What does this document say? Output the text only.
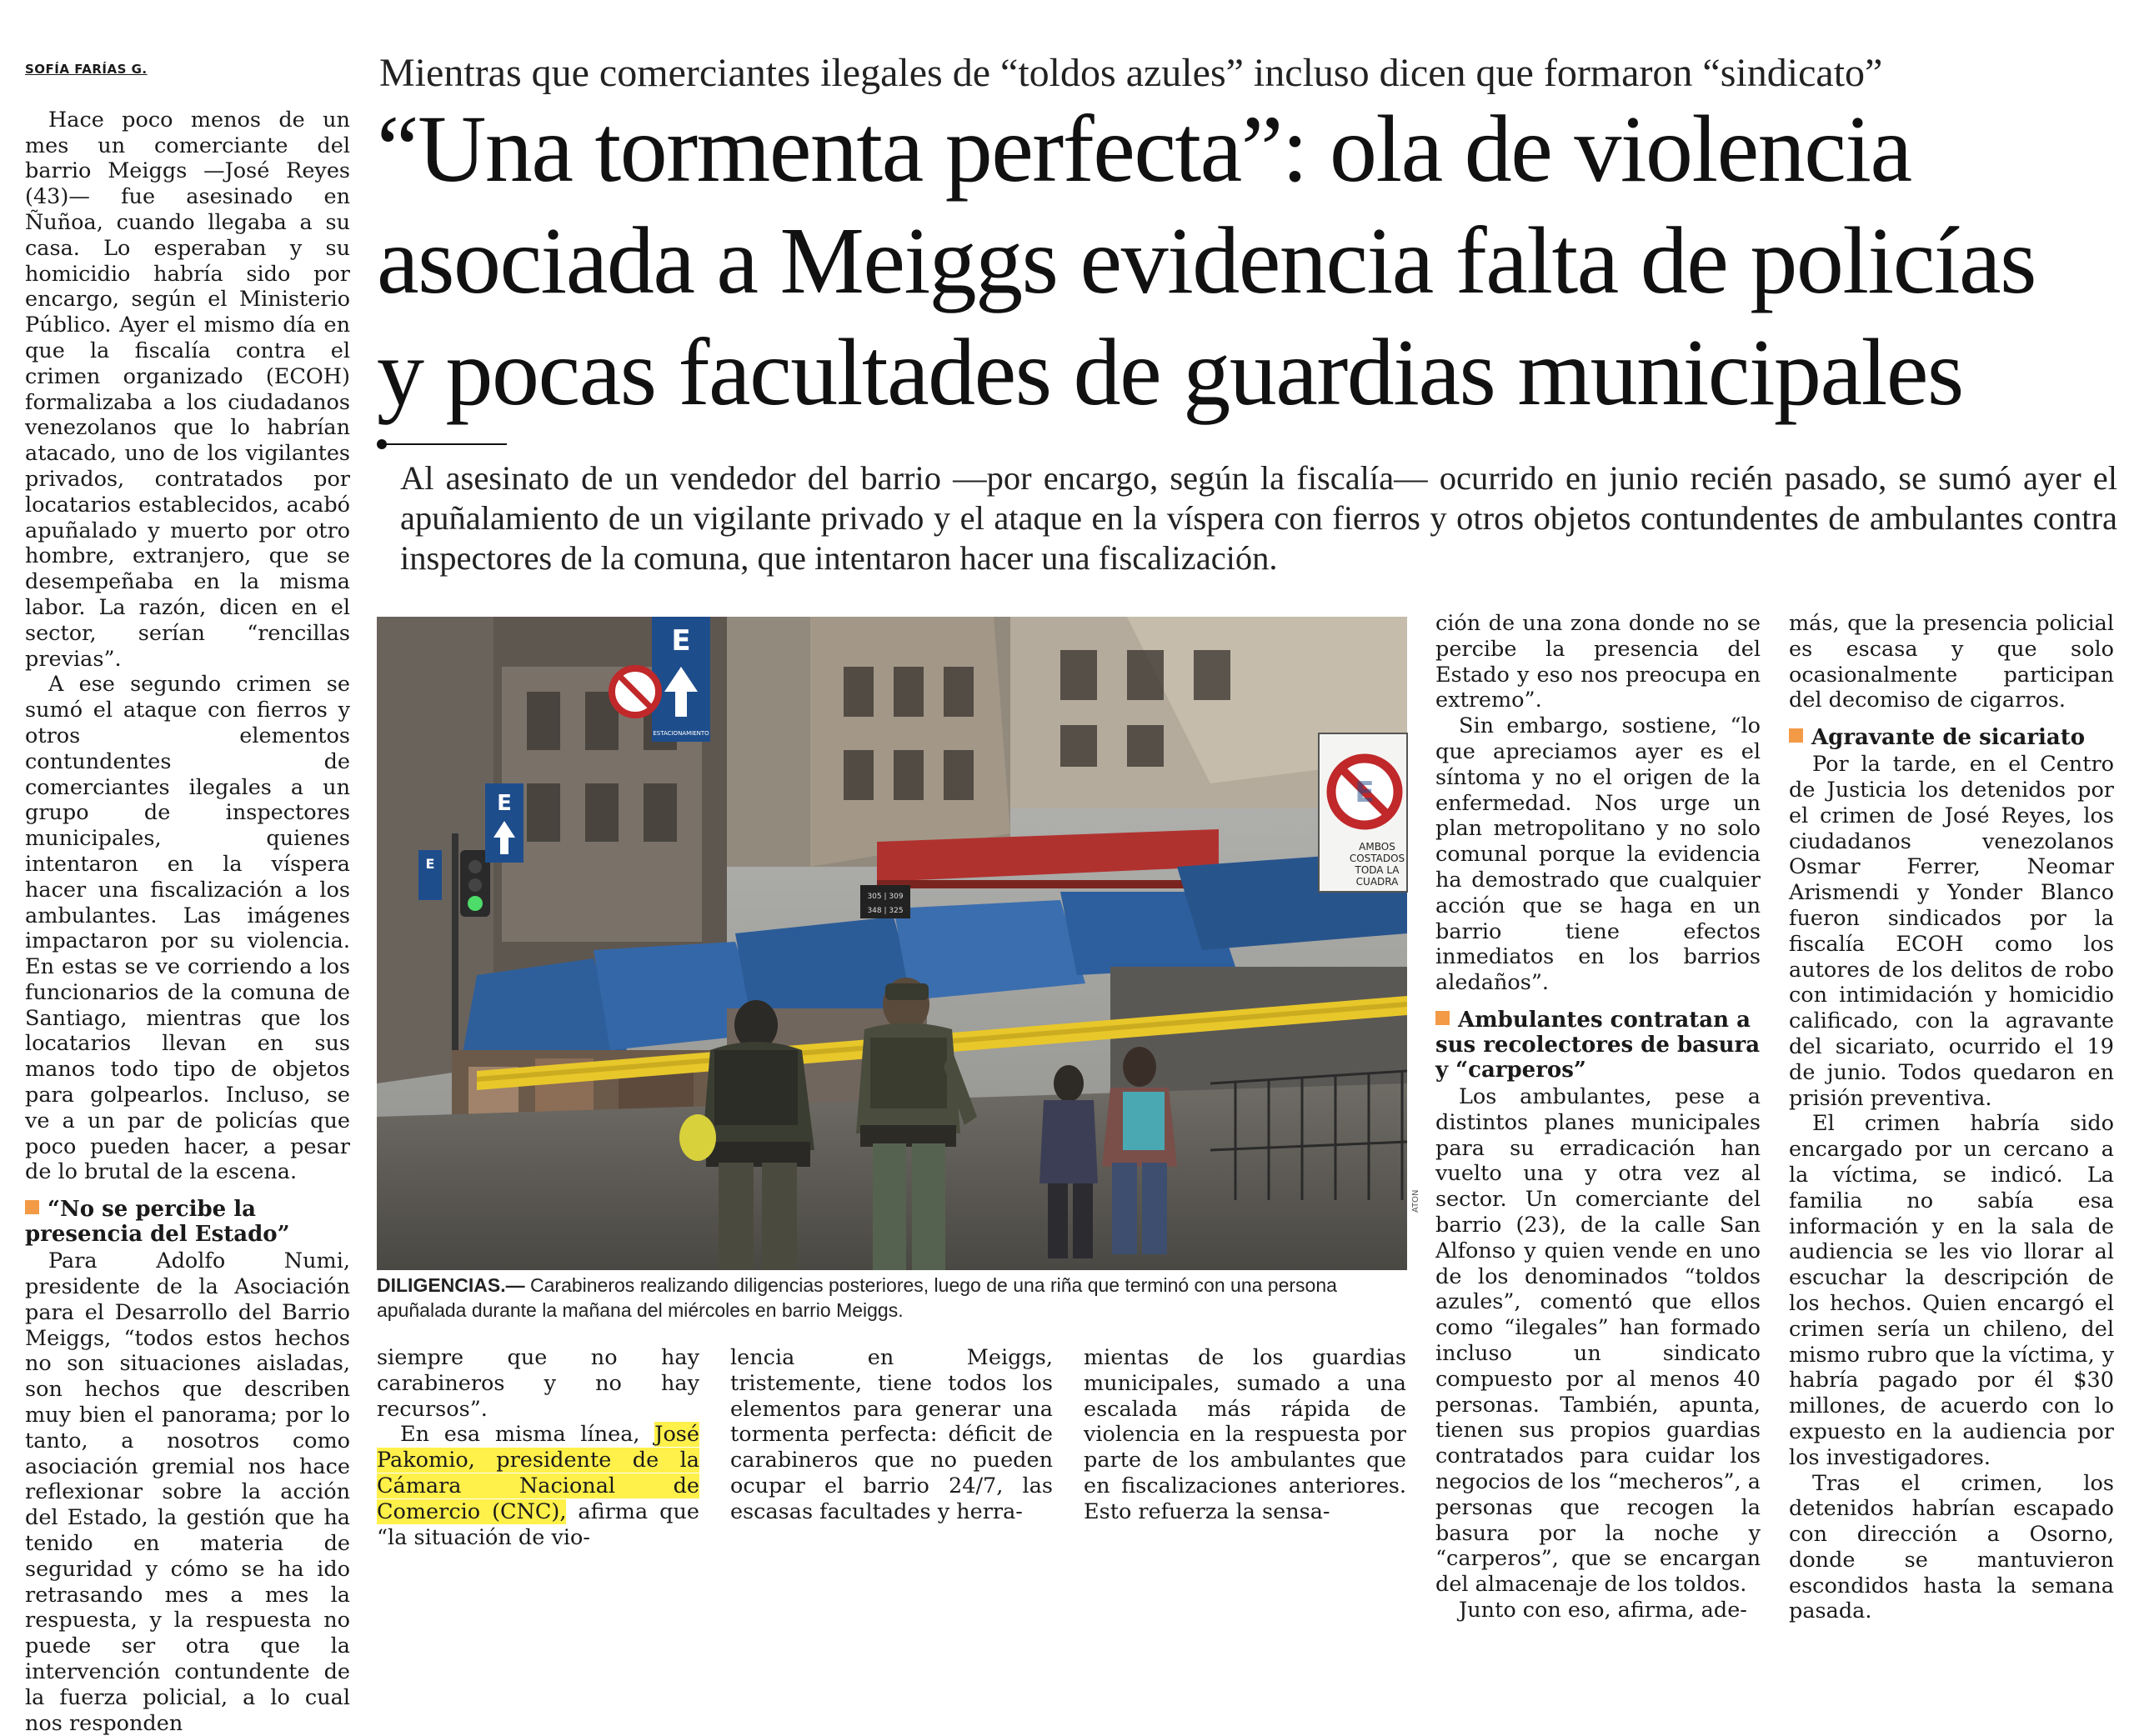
SOFÍA FARÍAS G.

Hace poco menos de un mes un comerciante del barrio Meiggs —José Reyes (43)— fue asesinado en Ñuñoa, cuando llegaba a su casa. Lo esperaban y su homicidio habría sido por encargo, según el Ministerio Público. Ayer el mismo día en que la fiscalía contra el crimen organizado (ECOH) formalizaba a los ciudadanos venezolanos que lo habrían atacado, uno de los vigilantes privados, contratados por locatarios establecidos, acabó apuñalado y muerto por otro hombre, extranjero, que se desempeñaba en la misma labor. La razón, dicen en el sector, serían “rencillas previas”.

A ese segundo crimen se sumó el ataque con fierros y otros elementos contundentes de comerciantes ilegales a un grupo de inspectores municipales, quienes intentaron en la víspera hacer una fiscalización a los ambulantes. Las imágenes impactaron por su violencia. En estas se ve corriendo a los funcionarios de la comuna de Santiago, mientras que los locatarios llevan en sus manos todo tipo de objetos para golpearlos. Incluso, se ve a un par de policías que poco pueden hacer, a pesar de lo brutal de la escena.

“No se percibe la presencia del Estado”

Para Adolfo Numi, presidente de la Asociación para el Desarrollo del Barrio Meiggs, “todos estos hechos no son situaciones aisladas, son hechos que describen muy bien el panorama; por lo tanto, a nosotros como asociación gremial nos hace reflexionar sobre la acción del Estado, la gestión que ha tenido en materia de seguridad y cómo se ha ido retrasando mes a mes la respuesta, y la respuesta no puede ser otra que la intervención contundente de la fuerza policial, a lo cual nos responden

Mientras que comerciantes ilegales de “toldos azules” incluso dicen que formaron “sindicato”
“Una tormenta perfecta”: ola de violencia
asociada a Meiggs evidencia falta de policías
y pocas facultades de guardias municipales
Al asesinato de un vendedor del barrio —por encargo, según la fiscalía— ocurrido en junio recién pasado, se sumó ayer el apuñalamiento de un vigilante privado y el ataque en la víspera con fierros y otros objetos contundentes de ambulantes contra inspectores de la comuna, que intentaron hacer una fiscalización.
E
ESTACIONAMIENTO
E
E
E
AMBOS
COSTADOS
TODA LA
CUADRA
305 | 309
348 | 325
ATON
DILIGENCIAS.— Carabineros realizando diligencias posteriores, luego de una riña que terminó con una persona apuñalada durante la mañana del miércoles en barrio Meiggs.

siempre que no hay carabineros y no hay recursos”.

En esa misma línea, José Pakomio, presidente de la Cámara Nacional de Comercio (CNC), afirma que “la situación de vio-

lencia en Meiggs, tristemente, tiene todos los elementos para generar una tormenta perfecta: déficit de carabineros que no pueden ocupar el barrio 24/7, las escasas facultades y herra-

mientas de los guardias municipales, sumado a una escalada más rápida de violencia en la respuesta por parte de los ambulantes que en fiscalizaciones anteriores. Esto refuerza la sensa-

ción de una zona donde no se percibe la presencia del Estado y eso nos preocupa en extremo”.

Sin embargo, sostiene, “lo que apreciamos ayer es el síntoma y no el origen de la enfermedad. Nos urge un plan metropolitano y no solo comunal porque la evidencia ha demostrado que cualquier acción que se haga en un barrio tiene efectos inmediatos en los barrios aledaños”.

Ambulantes contratan a sus recolectores de basura y “carperos”

Los ambulantes, pese a distintos planes municipales para su erradicación han vuelto una y otra vez al sector. Un comerciante del barrio (23), de la calle San Alfonso y quien vende en uno de los denominados “toldos azules”, comentó que ellos como “ilegales” han formado incluso un sindicato compuesto por al menos 40 personas. También, apunta, tienen sus propios guardias contratados para cuidar los negocios de los “mecheros”, a personas que recogen la basura por la noche y “carperos”, que se encargan del almacenaje de los toldos.

Junto con eso, afirma, ade-

más, que la presencia policial es escasa y que solo ocasionalmente participan del decomiso de cigarros.

Agravante de sicariato

Por la tarde, en el Centro de Justicia los detenidos por el crimen de José Reyes, los ciudadanos venezolanos Osmar Ferrer, Neomar Arismendi y Yonder Blanco fueron sindicados por la fiscalía ECOH como los autores de los delitos de robo con intimidación y homicidio calificado, con la agravante del sicariato, ocurrido el 19 de junio. Todos quedaron en prisión preventiva.

El crimen habría sido encargado por un cercano a la víctima, se indicó. La familia no sabía esa información y en la sala de audiencia se les vio llorar al escuchar la descripción de los hechos. Quien encargó el crimen sería un chileno, del mismo rubro que la víctima, y habría pagado por él $30 millones, de acuerdo con lo expuesto en la audiencia por los investigadores.

Tras el crimen, los detenidos habrían escapado con dirección a Osorno, donde se mantuvieron escondidos hasta la semana pasada.
